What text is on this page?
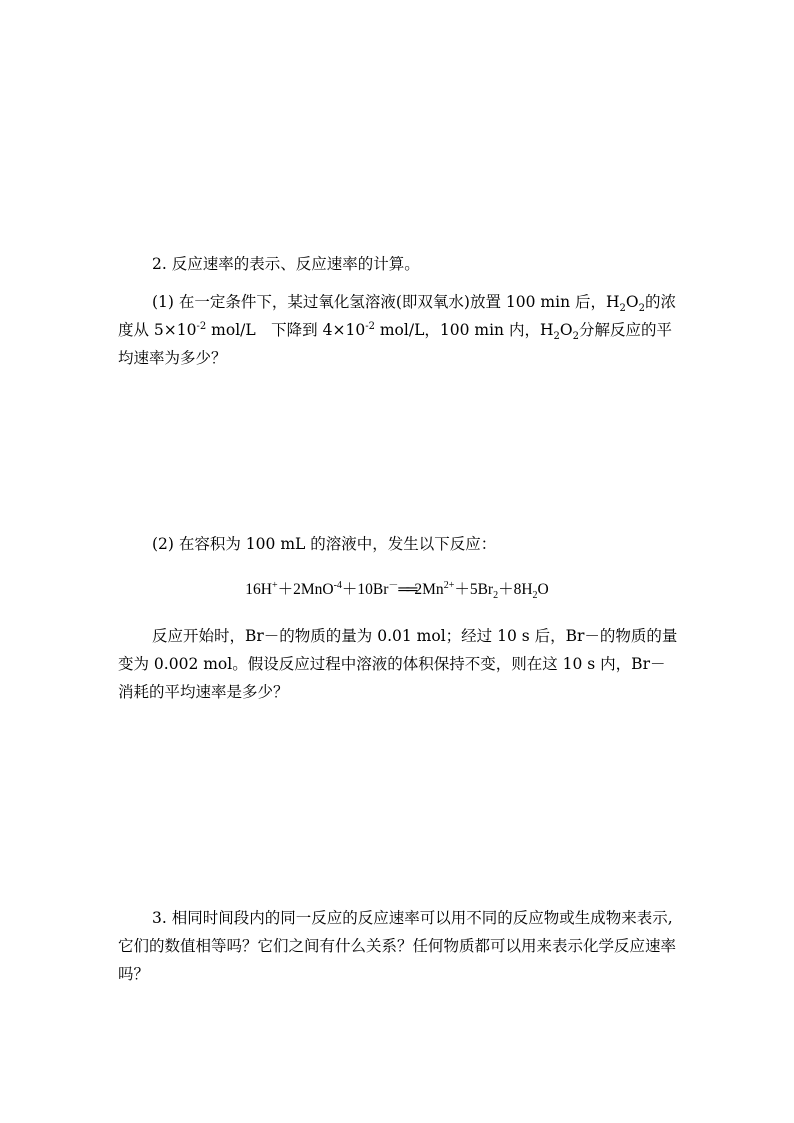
2. 反应速率的表示、反应速率的计算。

(1) 在一定条件下，某过氧化氢溶液(即双氧水)放置 100 min 后，$H_2O_2$的浓度从 $5\times 10^{-2}$ mol/L　下降到 $4\times 10^{-2}$ mol/L，100 min 内，$H_2O_2$分解反应的平均速率为多少？

(2) 在容积为 100 mL 的溶液中，发生以下反应：

$16H^++2MnO^{-4}+10Br^-══2Mn^{2+}+5Br_2+8H_2O$

反应开始时，Br－的物质的量为 0.01 mol；经过 10 s 后，Br－的物质的量变为 0.002 mol。假设反应过程中溶液的体积保持不变，则在这 10 s 内，Br－消耗的平均速率是多少？

3. 相同时间段内的同一反应的反应速率可以用不同的反应物或生成物来表示,它们的数值相等吗？它们之间有什么关系？任何物质都可以用来表示化学反应速率吗？
